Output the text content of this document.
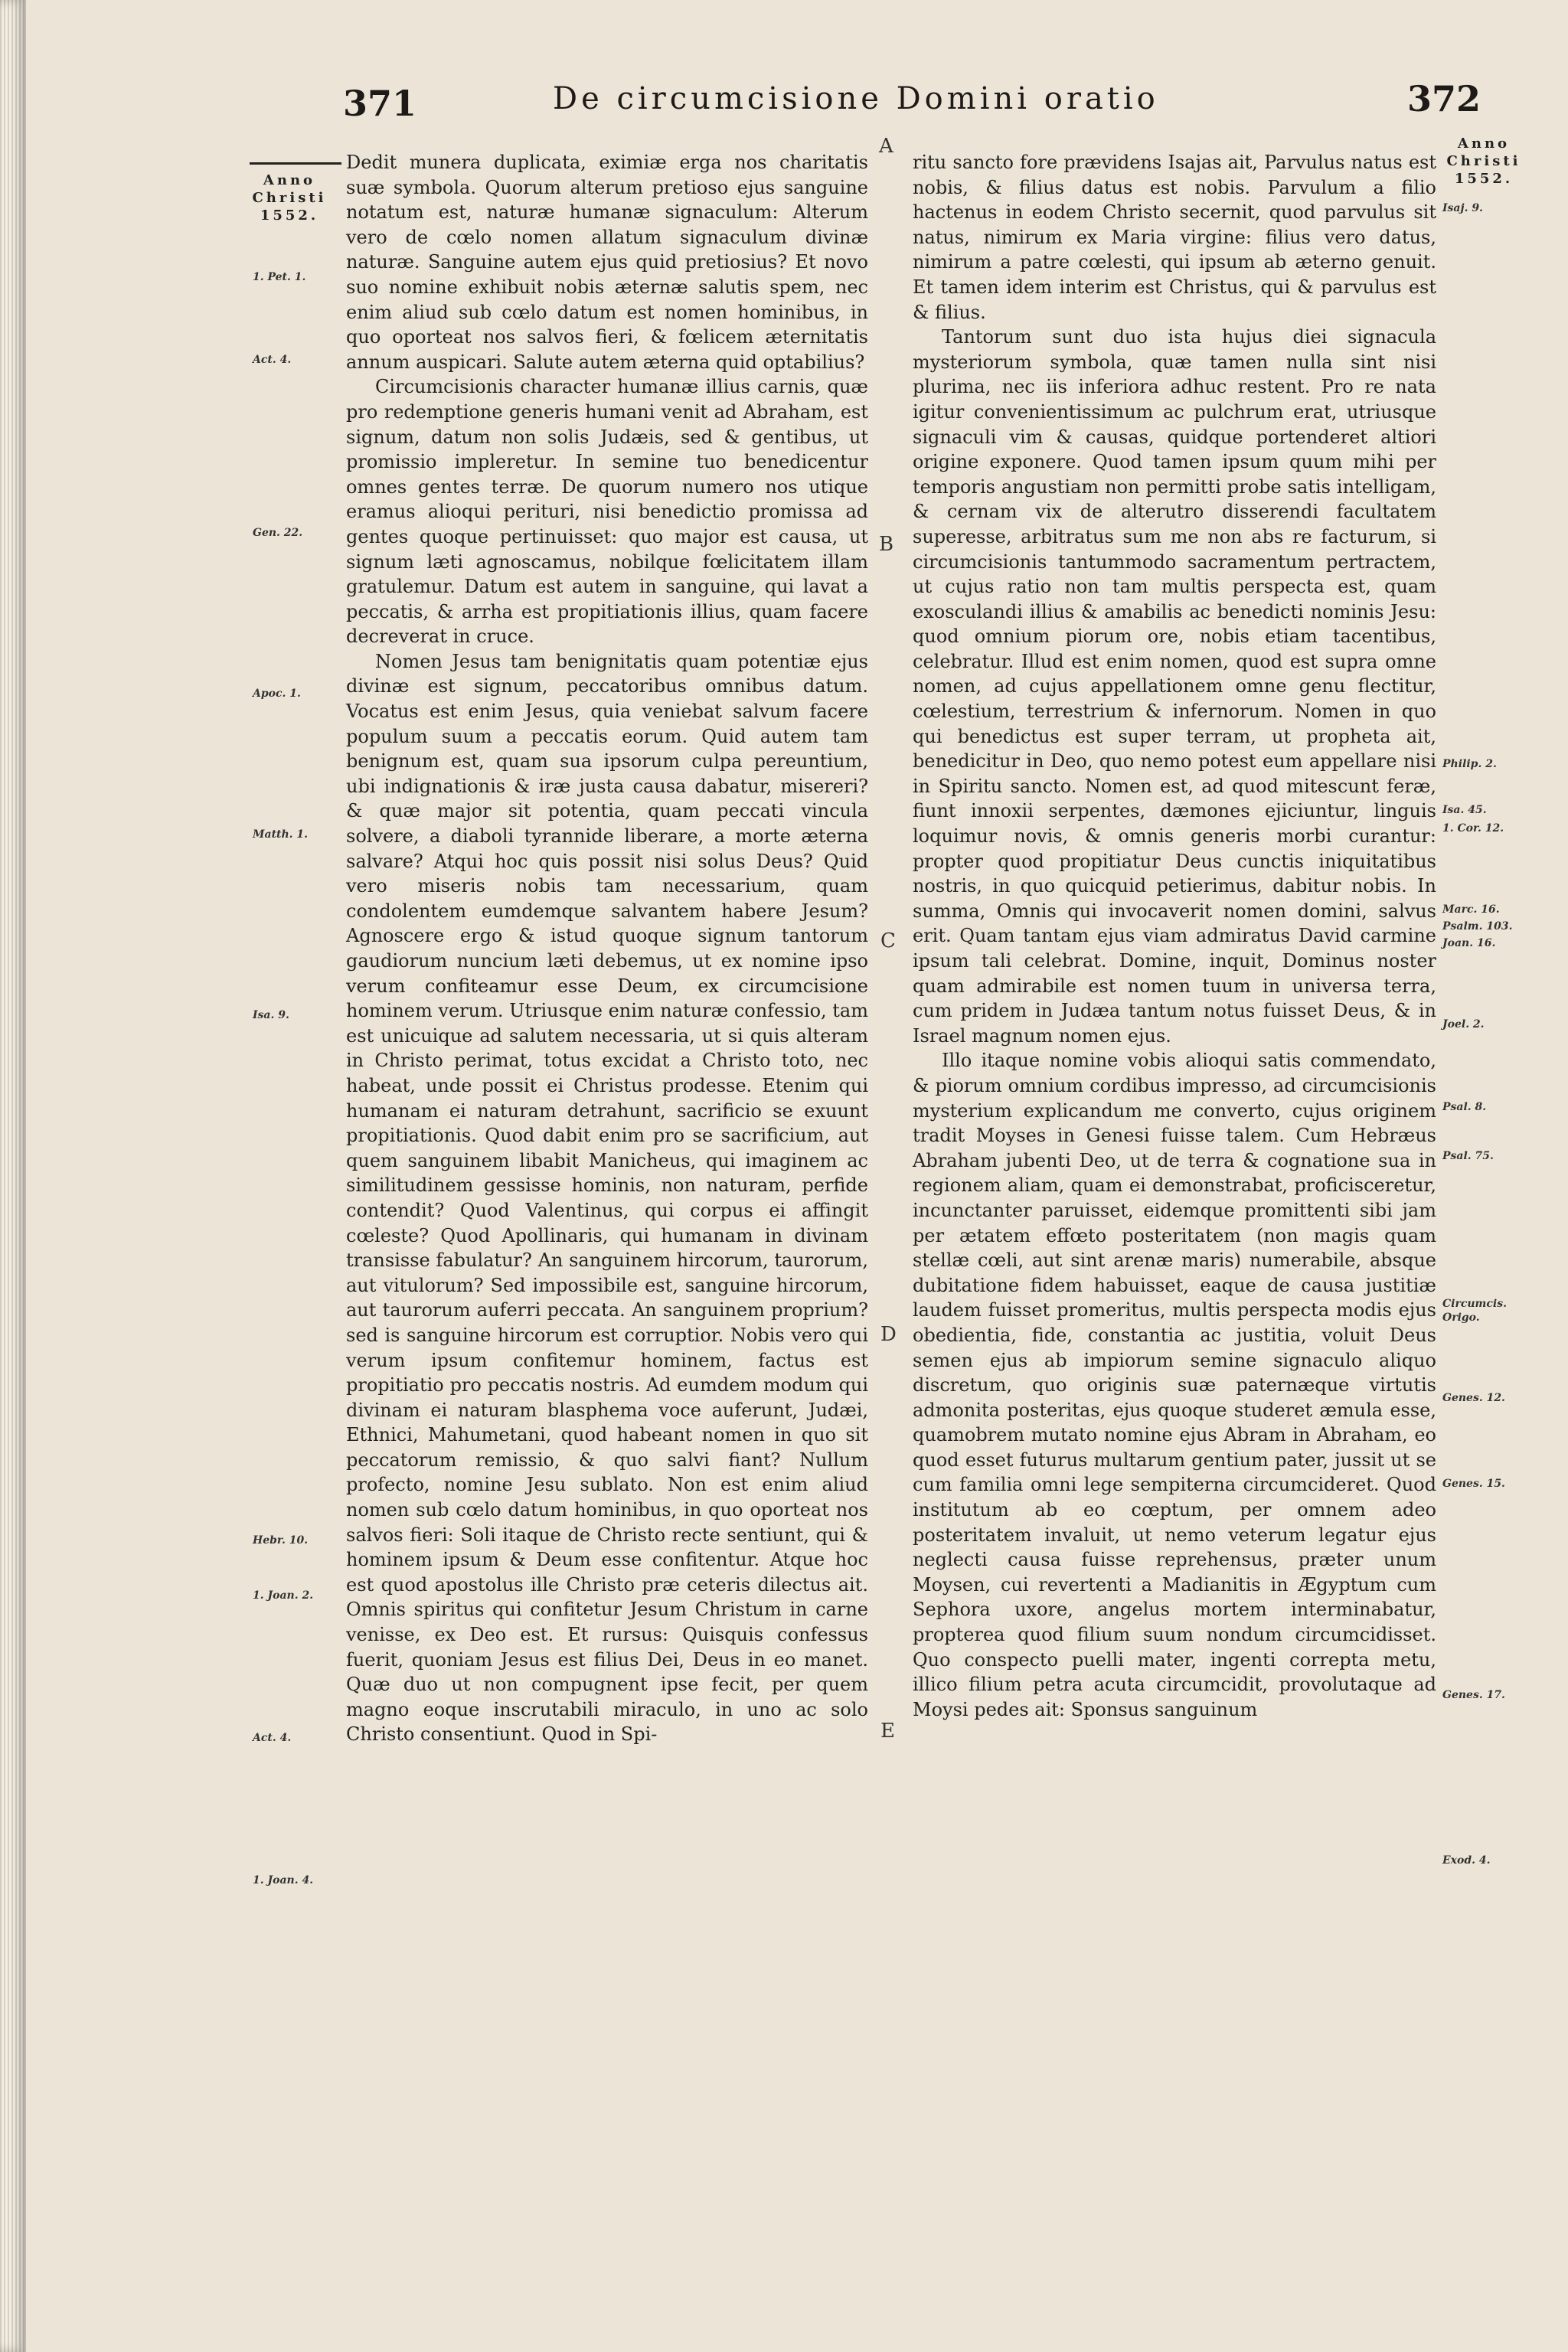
371	De circumcisione Domini oratio	372
Anno
Christi
1552.
Anno
Christi
1552.
A
B
C
D
E
1. Pet. 1.
Act. 4.
Gen. 22.
Apoc. 1.
Matth. 1.
Isa. 9.
Hebr. 10.
1. Joan. 2.
Act. 4.
1. Joan. 4.
Isaj. 9.
Philip. 2.
Isa. 45.
1. Cor. 12.
Marc. 16.
Psalm. 103.
Joan. 16.
Joel. 2.
Psal. 8.
Psal. 75.
Circumcis. Origo.
Genes. 12.
Genes. 15.
Genes. 17.
Exod. 4.

Dedit munera duplicata, eximiæ erga nos charitatis suæ symbola. Quorum alterum pretioso ejus sanguine notatum est, naturæ humanæ signaculum: Alterum vero de cœlo nomen allatum signaculum divinæ naturæ. Sanguine autem ejus quid pretiosius? Et novo suo nomine exhibuit nobis æternæ salutis spem, nec enim aliud sub cœlo datum est nomen hominibus, in quo oporteat nos salvos fieri, & fœlicem æternitatis annum auspicari. Salute autem æterna quid optabilius?

Circumcisionis character humanæ illius carnis, quæ pro redemptione generis humani venit ad Abraham, est signum, datum non solis Judæis, sed & gentibus, ut promissio impleretur. In semine tuo benedicentur omnes gentes terræ. De quorum numero nos utique eramus alioqui perituri, nisi benedictio promissa ad gentes quoque pertinuisset: quo major est causa, ut signum læti agnoscamus, nobilque fœlicitatem illam gratulemur. Datum est autem in sanguine, qui lavat a peccatis, & arrha est propitiationis illius, quam facere decreverat in cruce.

Nomen Jesus tam benignitatis quam potentiæ ejus divinæ est signum, peccatoribus omnibus datum. Vocatus est enim Jesus, quia veniebat salvum facere populum suum a peccatis eorum. Quid autem tam benignum est, quam sua ipsorum culpa pereuntium, ubi indignationis & iræ justa causa dabatur, misereri? & quæ major sit potentia, quam peccati vincula solvere, a diaboli tyrannide liberare, a morte æterna salvare? Atqui hoc quis possit nisi solus Deus? Quid vero miseris nobis tam necessarium, quam condolentem eumdemque salvantem habere Jesum? Agnoscere ergo & istud quoque signum tantorum gaudiorum nuncium læti debemus, ut ex nomine ipso verum confiteamur esse Deum, ex circumcisione hominem verum. Utriusque enim naturæ confessio, tam est unicuique ad salutem necessaria, ut si quis alteram in Christo perimat, totus excidat a Christo toto, nec habeat, unde possit ei Christus prodesse. Etenim qui humanam ei naturam detrahunt, sacrificio se exuunt propitiationis. Quod dabit enim pro se sacrificium, aut quem sanguinem libabit Manicheus, qui imaginem ac similitudinem gessisse hominis, non naturam, perfide contendit? Quod Valentinus, qui corpus ei affingit cœleste? Quod Apollinaris, qui humanam in divinam transisse fabulatur? An sanguinem hircorum, taurorum, aut vitulorum? Sed impossibile est, sanguine hircorum, aut taurorum auferri peccata. An sanguinem proprium? sed is sanguine hircorum est corruptior. Nobis vero qui verum ipsum confitemur hominem, factus est propitiatio pro peccatis nostris. Ad eumdem modum qui divinam ei naturam blasphema voce auferunt, Judæi, Ethnici, Mahumetani, quod habeant nomen in quo sit peccatorum remissio, & quo salvi fiant? Nullum profecto, nomine Jesu sublato. Non est enim aliud nomen sub cœlo datum hominibus, in quo oporteat nos salvos fieri: Soli itaque de Christo recte sentiunt, qui & hominem ipsum & Deum esse confitentur. Atque hoc est quod apostolus ille Christo præ ceteris dilectus ait. Omnis spiritus qui confitetur Jesum Christum in carne venisse, ex Deo est. Et rursus: Quisquis confessus fuerit, quoniam Jesus est filius Dei, Deus in eo manet. Quæ duo ut non compugnent ipse fecit, per quem magno eoque inscrutabili miraculo, in uno ac solo Christo consentiunt. Quod in Spi-

ritu sancto fore prævidens Isajas ait, Parvulus natus est nobis, & filius datus est nobis. Parvulum a filio hactenus in eodem Christo secernit, quod parvulus sit natus, nimirum ex Maria virgine: filius vero datus, nimirum a patre cœlesti, qui ipsum ab æterno genuit. Et tamen idem interim est Christus, qui & parvulus est & filius.

Tantorum sunt duo ista hujus diei signacula mysteriorum symbola, quæ tamen nulla sint nisi plurima, nec iis inferiora adhuc restent. Pro re nata igitur convenientissimum ac pulchrum erat, utriusque signaculi vim & causas, quidque portenderet altiori origine exponere. Quod tamen ipsum quum mihi per temporis angustiam non permitti probe satis intelligam, & cernam vix de alterutro disserendi facultatem superesse, arbitratus sum me non abs re facturum, si circumcisionis tantummodo sacramentum pertractem, ut cujus ratio non tam multis perspecta est, quam exosculandi illius & amabilis ac benedicti nominis Jesu: quod omnium piorum ore, nobis etiam tacentibus, celebratur. Illud est enim nomen, quod est supra omne nomen, ad cujus appellationem omne genu flectitur, cœlestium, terrestrium & infernorum. Nomen in quo qui benedictus est super terram, ut propheta ait, benedicitur in Deo, quo nemo potest eum appellare nisi in Spiritu sancto. Nomen est, ad quod mitescunt feræ, fiunt innoxii serpentes, dæmones ejiciuntur, linguis loquimur novis, & omnis generis morbi curantur: propter quod propitiatur Deus cunctis iniquitatibus nostris, in quo quicquid petierimus, dabitur nobis. In summa, Omnis qui invocaverit nomen domini, salvus erit. Quam tantam ejus viam admiratus David carmine ipsum tali celebrat. Domine, inquit, Dominus noster quam admirabile est nomen tuum in universa terra, cum pridem in Judæa tantum notus fuisset Deus, & in Israel magnum nomen ejus.

Illo itaque nomine vobis alioqui satis commendato, & piorum omnium cordibus impresso, ad circumcisionis mysterium explicandum me converto, cujus originem tradit Moyses in Genesi fuisse talem. Cum Hebræus Abraham jubenti Deo, ut de terra & cognatione sua in regionem aliam, quam ei demonstrabat, proficisceretur, incunctanter paruisset, eidemque promittenti sibi jam per ætatem effœto posteritatem (non magis quam stellæ cœli, aut sint arenæ maris) numerabile, absque dubitatione fidem habuisset, eaque de causa justitiæ laudem fuisset promeritus, multis perspecta modis ejus obedientia, fide, constantia ac justitia, voluit Deus semen ejus ab impiorum semine signaculo aliquo discretum, quo originis suæ paternæque virtutis admonita posteritas, ejus quoque studeret æmula esse, quamobrem mutato nomine ejus Abram in Abraham, eo quod esset futurus multarum gentium pater, jussit ut se cum familia omni lege sempiterna circumcideret. Quod institutum ab eo cœptum, per omnem adeo posteritatem invaluit, ut nemo veterum legatur ejus neglecti causa fuisse reprehensus, præter unum Moysen, cui revertenti a Madianitis in Ægyptum cum Sephora uxore, angelus mortem interminabatur, propterea quod filium suum nondum circumcidisset. Quo conspecto puelli mater, ingenti correpta metu, illico filium petra acuta circumcidit, provolutaque ad Moysi pedes ait: Sponsus sanguinum
